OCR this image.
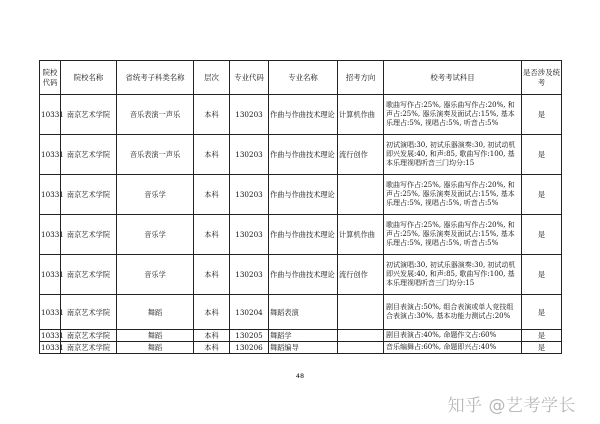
院校代码	院校名称	省统考子科类名称	层次	专业代码	专业名称	招考方向	校考考试科目	是否涉及统考
10331	南京艺术学院	音乐表演一声乐	本科	130203	作曲与作曲技术理论	计算机作曲	歌曲写作占:25%, 器乐曲写作占:20%, 和声占:25%, 器乐演奏及面试占:15%, 基本乐理占:5%, 视唱占:5%, 听音占:5%	是
10331	南京艺术学院	音乐表演一声乐	本科	130203	作曲与作曲技术理论	流行创作	初试演唱:30, 初试乐器演奏:30, 初试动机即兴发展:40, 和声:85, 歌曲写作:100, 基本乐理视唱听音三门均分:15	是
10331	南京艺术学院	音乐学	本科	130203	作曲与作曲技术理论		歌曲写作占:25%, 器乐曲写作占:20%, 和声占:25%, 器乐演奏及面试占:15%, 基本乐理占:5%, 视唱占:5%, 听音占:5%	是
10331	南京艺术学院	音乐学	本科	130203	作曲与作曲技术理论	计算机作曲	歌曲写作占:25%, 器乐曲写作占:20%, 和声占:25%, 器乐演奏及面试占:15%, 基本乐理占:5%, 视唱占:5%, 听音占:5%	是
10331	南京艺术学院	音乐学	本科	130203	作曲与作曲技术理论	流行创作	初试演唱:30, 初试乐器演奏:30, 初试动机即兴发展:40, 和声:85, 歌曲写作:100, 基本乐理视唱听音三门均分:15	是
10331	南京艺术学院	舞蹈	本科	130204	舞蹈表演		剧目表演占:50%, 组合表演或单人竞技组合表演占:30%, 基本功能力测试占:20%	是
10331	南京艺术学院	舞蹈	本科	130205	舞蹈学		剧目表演占:40%, 命题作文占:60%	是
10331	南京艺术学院	舞蹈	本科	130206	舞蹈编导		音乐编舞占:60%, 命题即兴占:40%	是
48
知乎 @艺考学长
